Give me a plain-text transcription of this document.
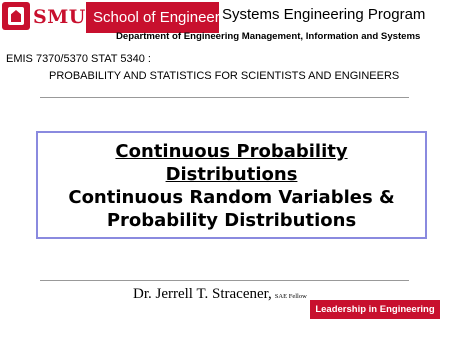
SMU School of Engineering
Systems Engineering Program
Department of Engineering Management, Information and Systems
EMIS 7370/5370 STAT 5340 :
PROBABILITY AND STATISTICS FOR SCIENTISTS AND ENGINEERS
Continuous Probability
Distributions
Continuous Random Variables &
Probability Distributions
Dr. Jerrell T. Stracener, SAE Fellow
Leadership in Engineering
